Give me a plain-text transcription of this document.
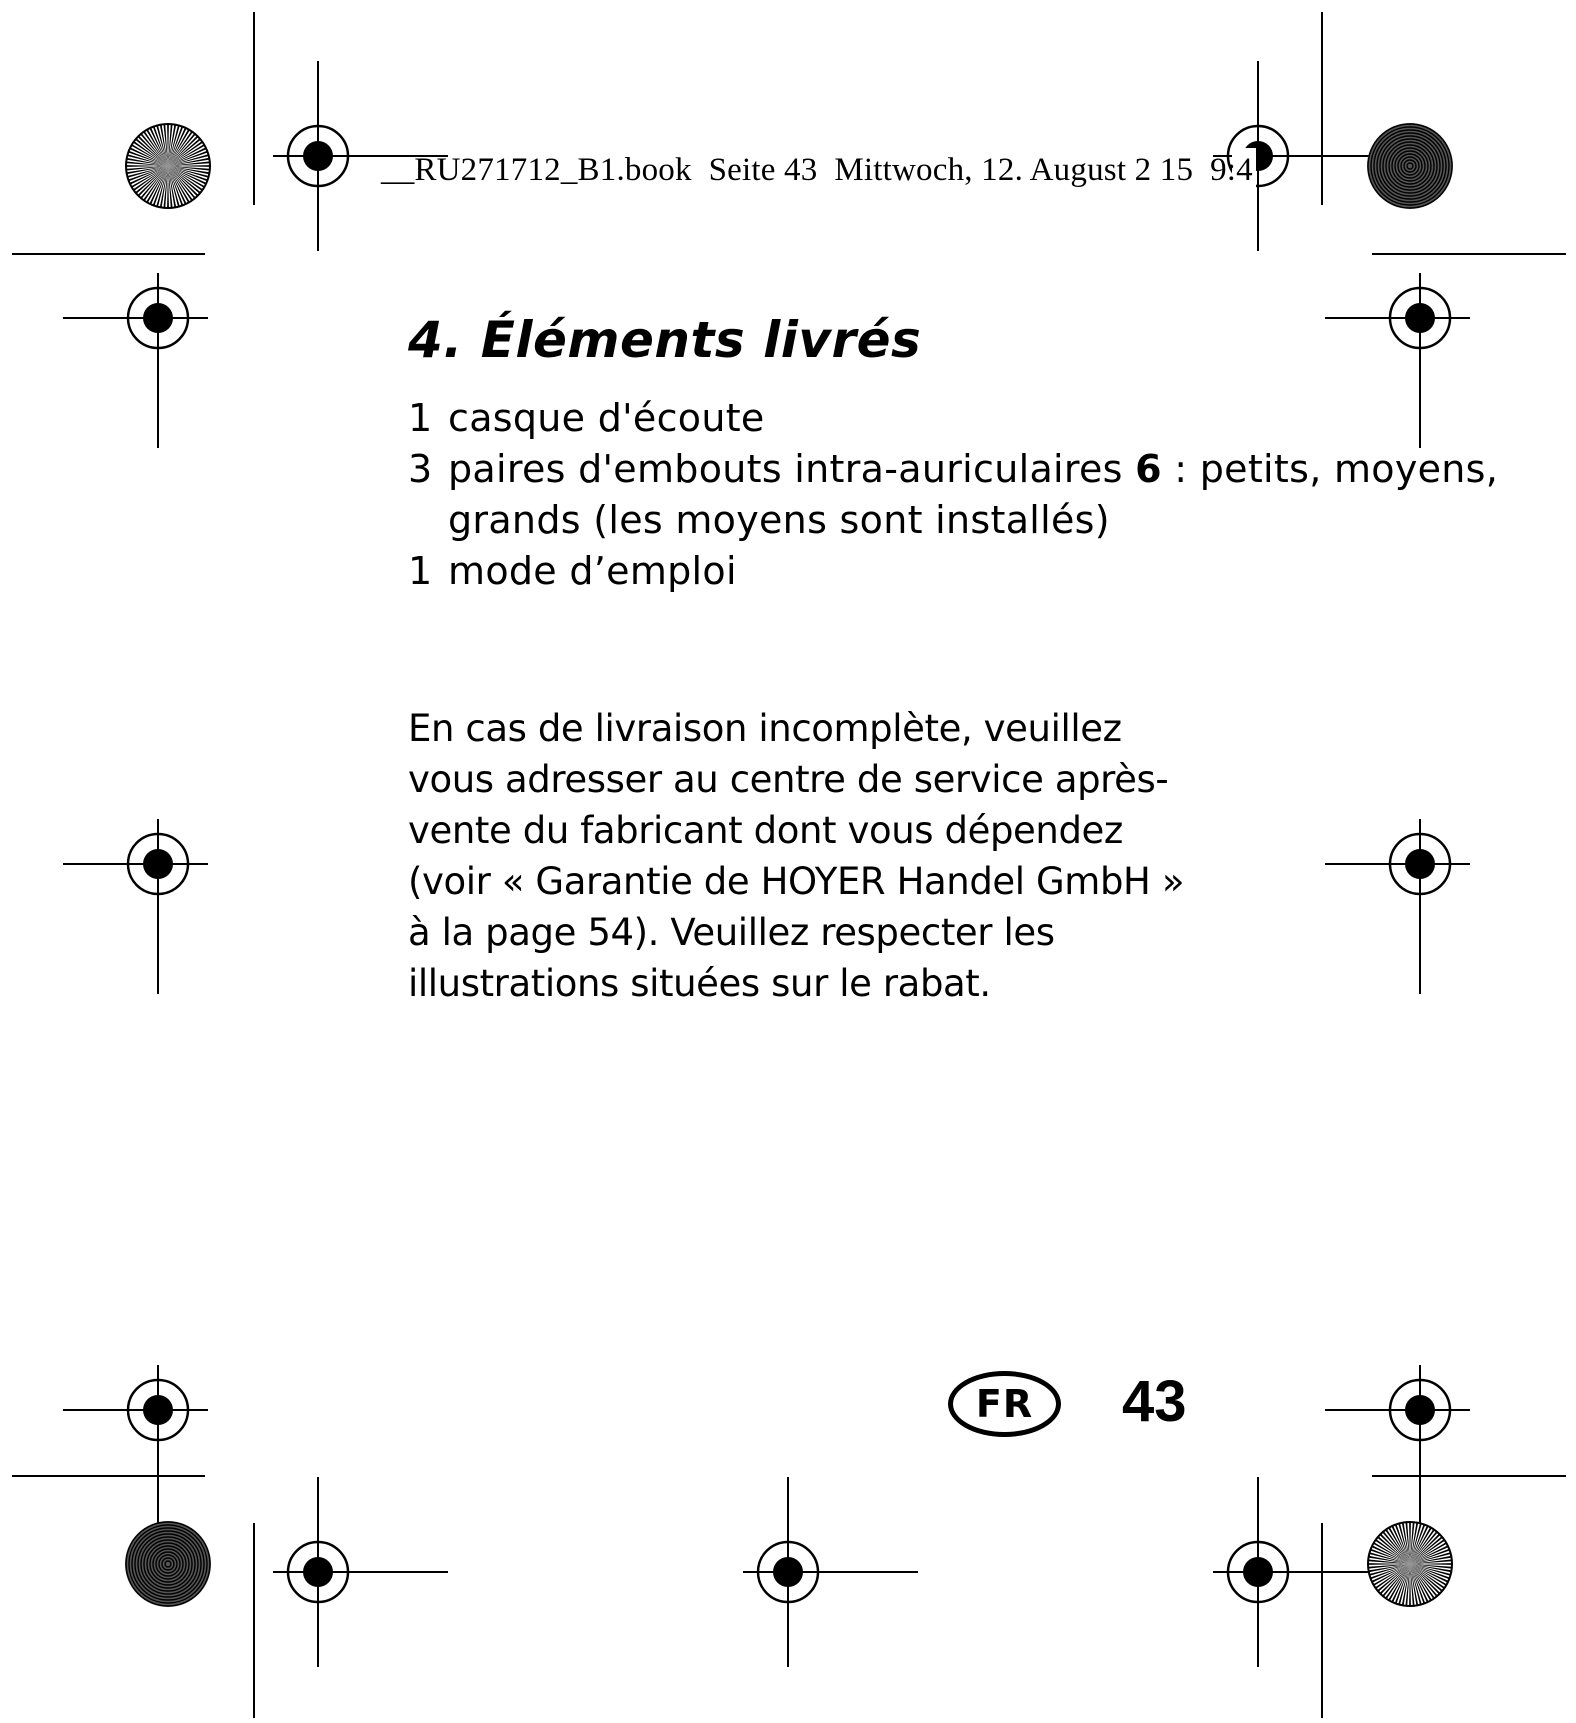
__RU271712_B1.book  Seite 43  Mittwoch, 12. August 2 15  9:4
4. Éléments livrés
1 casque d'écoute
3 paires d'embouts intra-auriculaires 6 : petits, moyens, grands (les moyens sont installés)
1 mode d’emploi

En cas de livraison incomplète, veuillez vous adresser au centre de service après-vente du fabricant dont vous dépendez (voir « Garantie de HOYER Handel GmbH » à la page 54). Veuillez respecter les illustrations situées sur le rabat.

FR	43
